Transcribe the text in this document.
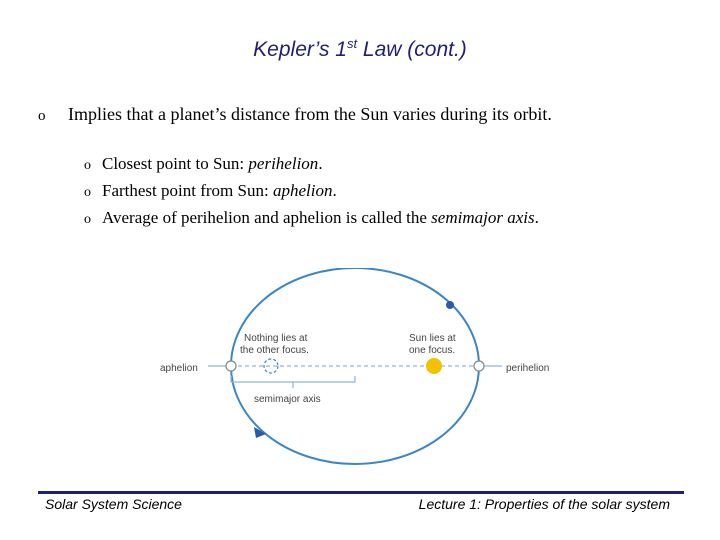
Kepler’s 1st Law (cont.)
o	Implies that a planet’s distance from the Sun varies during its orbit.
o Closest point to Sun: perihelion.
o Farthest point from Sun: aphelion.
o Average of perihelion and aphelion is called the semimajor axis.
aphelion	perihelion
Nothing lies at
the other focus.
Sun lies at
one focus.
semimajor axis
Solar System Science	Lecture 1: Properties of the solar system
